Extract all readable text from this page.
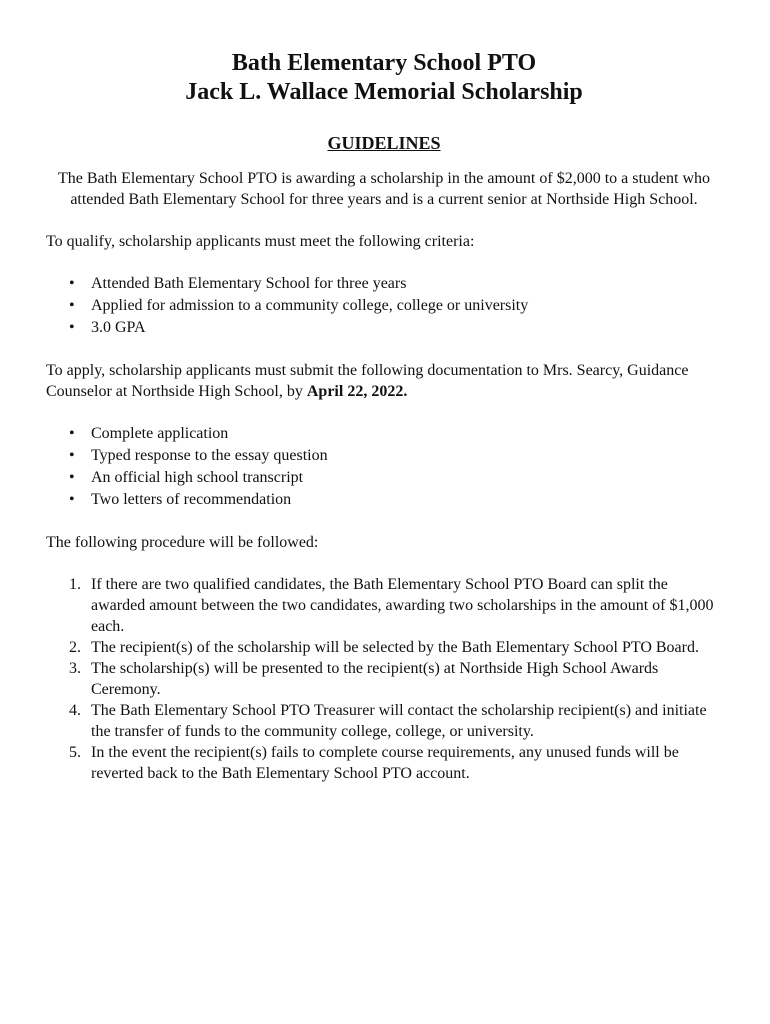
Bath Elementary School PTO
Jack L. Wallace Memorial Scholarship
GUIDELINES

The Bath Elementary School PTO is awarding a scholarship in the amount of $2,000 to a student who attended Bath Elementary School for three years and is a current senior at Northside High School.

To qualify, scholarship applicants must meet the following criteria:

• Attended Bath Elementary School for three years
• Applied for admission to a community college, college or university
• 3.0 GPA

To apply, scholarship applicants must submit the following documentation to Mrs. Searcy, Guidance Counselor at Northside High School, by April 22, 2022.

• Complete application
• Typed response to the essay question
• An official high school transcript
• Two letters of recommendation

The following procedure will be followed:

1. If there are two qualified candidates, the Bath Elementary School PTO Board can split the awarded amount between the two candidates, awarding two scholarships in the amount of $1,000 each.
2. The recipient(s) of the scholarship will be selected by the Bath Elementary School PTO Board.
3. The scholarship(s) will be presented to the recipient(s) at Northside High School Awards Ceremony.
4. The Bath Elementary School PTO Treasurer will contact the scholarship recipient(s) and initiate the transfer of funds to the community college, college, or university.
5. In the event the recipient(s) fails to complete course requirements, any unused funds will be reverted back to the Bath Elementary School PTO account.
